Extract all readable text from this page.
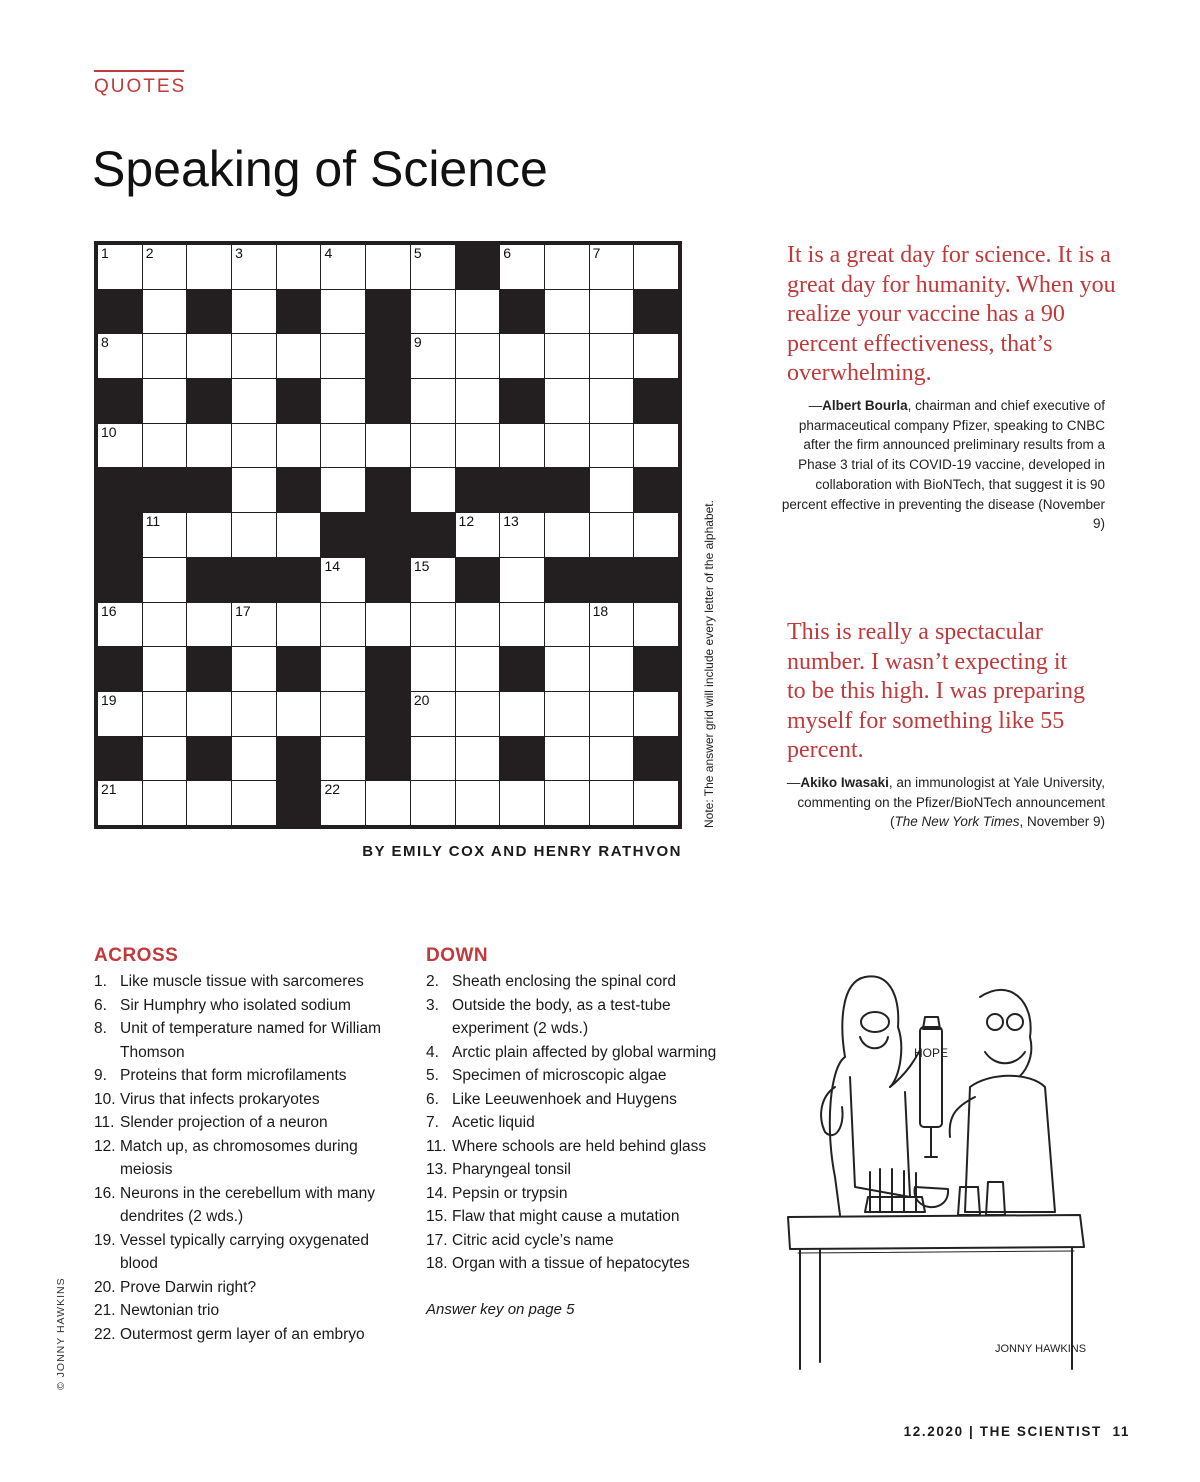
QUOTES
Speaking of Science
1	2	3	4	5	6	7
8	9
10
11	12 13
14	15
16	17	18
19	20
21	22	Note: The answer grid will include every letter of the alphabet.
BY EMILY COX AND HENRY RATHVON

It is a great day for science. It is a great day for humanity. When you realize your vaccine has a 90 percent effectiveness, that’s overwhelming.

—Albert Bourla, chairman and chief executive of pharmaceutical company Pfizer, speaking to CNBC after the firm announced preliminary results from a Phase 3 trial of its COVID-19 vaccine, developed in collaboration with BioNTech, that suggest it is 90 percent effective in preventing the disease (November 9)

This is really a spectacular number. I wasn’t expecting it to be this high. I was preparing myself for something like 55 percent.

—Akiko Iwasaki, an immunologist at Yale University, commenting on the Pfizer/BioNTech announcement (The New York Times, November 9)

ACROSS
1. Like muscle tissue with sarcomeres
6. Sir Humphry who isolated sodium
8. Unit of temperature named for William Thomson
9. Proteins that form microfilaments
10. Virus that infects prokaryotes
11. Slender projection of a neuron
12. Match up, as chromosomes during meiosis
16. Neurons in the cerebellum with many dendrites (2 wds.)
19. Vessel typically carrying oxygenated blood
20. Prove Darwin right?
21. Newtonian trio
22. Outermost germ layer of an embryo
DOWN
2. Sheath enclosing the spinal cord
3. Outside the body, as a test-tube experiment (2 wds.)
4. Arctic plain affected by global warming
5. Specimen of microscopic algae
6. Like Leeuwenhoek and Huygens
7. Acetic liquid
11. Where schools are held behind glass
13. Pharyngeal tonsil
14. Pepsin or trypsin
15. Flaw that might cause a mutation
17. Citric acid cycle’s name
18. Organ with a tissue of hepatocytes
Answer key on page 5
HOPE
JONNY HAWKINS
© JONNY HAWKINS
12.2020 | THE SCIENTIST 11
